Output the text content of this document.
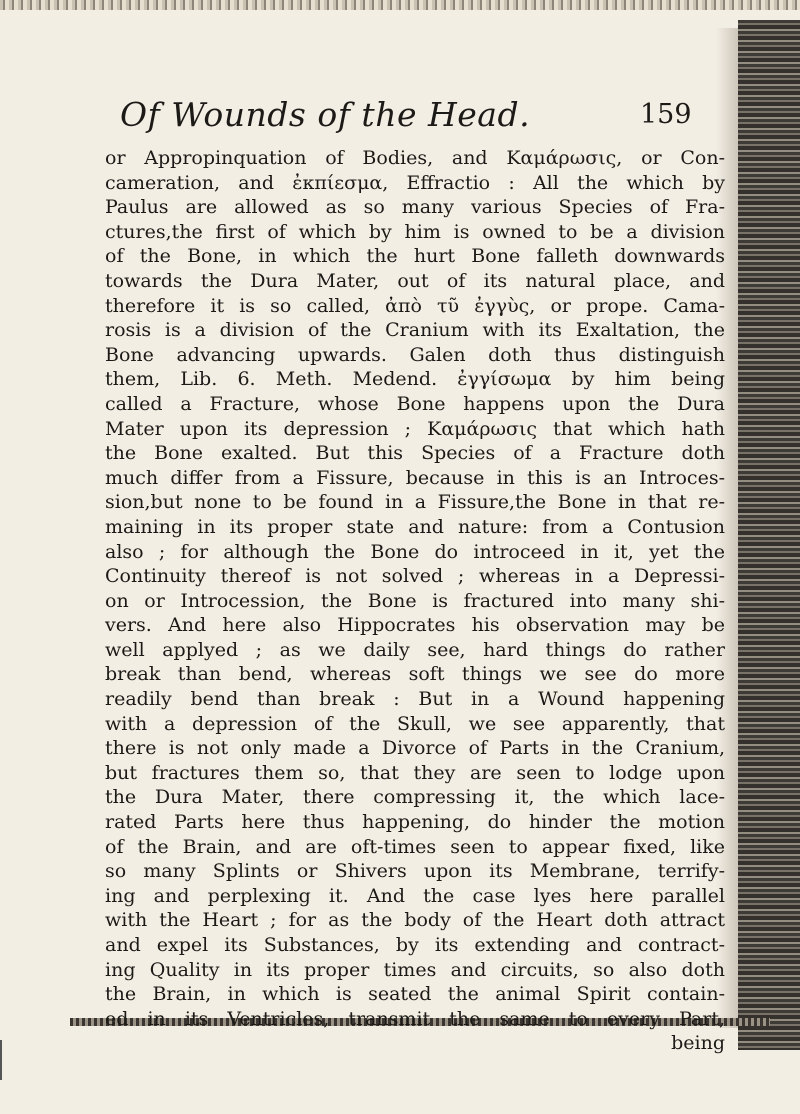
Of Wounds of the Head.	159
or Appropinquation of Bodies, and Καμάρωσις, or Con-
cameration, and ἐκπίεσμα, Effractio : All the which by
Paulus are allowed as so many various Species of Fra-
ctures,the first of which by him is owned to be a division
of the Bone, in which the hurt Bone falleth downwards
towards the Dura Mater, out of its natural place, and
therefore it is so called, ἀπὸ τῦ ἐγγὺς, or prope. Cama-
rosis is a division of the Cranium with its Exaltation, the
Bone advancing upwards. Galen doth thus distinguish
them, Lib. 6. Meth. Medend. ἐγγίσωμα by him being
called a Fracture, whose Bone happens upon the Dura
Mater upon its depression ; Καμάρωσις that which hath
the Bone exalted. But this Species of a Fracture doth
much differ from a Fissure, because in this is an Introces-
sion,but none to be found in a Fissure,the Bone in that re-
maining in its proper state and nature: from a Contusion
also ; for although the Bone do introceed in it, yet the
Continuity thereof is not solved ; whereas in a Depressi-
on or Introcession, the Bone is fractured into many shi-
vers. And here also Hippocrates his observation may be
well applyed ; as we daily see, hard things do rather
break than bend, whereas soft things we see do more
readily bend than break : But in a Wound happening
with a depression of the Skull, we see apparently, that
there is not only made a Divorce of Parts in the Cranium,
but fractures them so, that they are seen to lodge upon
the Dura Mater, there compressing it, the which lace-
rated Parts here thus happening, do hinder the motion
of the Brain, and are oft-times seen to appear fixed, like
so many Splints or Shivers upon its Membrane, terrify-
ing and perplexing it. And the case lyes here parallel
with the Heart ; for as the body of the Heart doth attract
and expel its Substances, by its extending and contract-
ing Quality in its proper times and circuits, so also doth
the Brain, in which is seated the animal Spirit contain-
ed in its Ventricles, transmit the same to every Part,
being
